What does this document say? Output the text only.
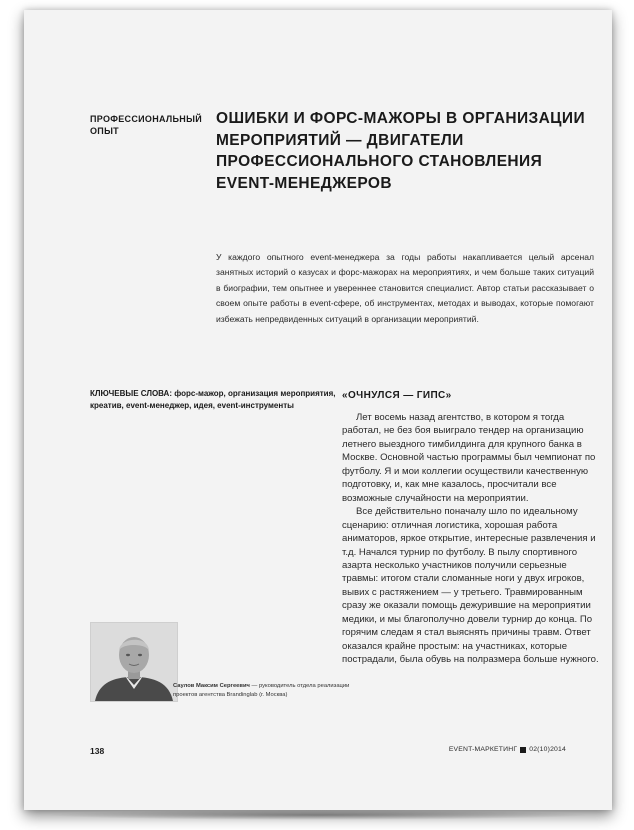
ПРОФЕССИОНАЛЬНЫЙ ОПЫТ
ОШИБКИ И ФОРС-МАЖОРЫ В ОРГАНИЗАЦИИ МЕРОПРИЯТИЙ — ДВИГАТЕЛИ ПРОФЕССИОНАЛЬНОГО СТАНОВЛЕНИЯ EVENT-МЕНЕДЖЕРОВ
У каждого опытного event-менеджера за годы работы накапливается целый арсенал занятных историй о казусах и форс-мажорах на мероприятиях, и чем больше таких ситуаций в биографии, тем опытнее и увереннее становится специалист. Автор статьи рассказывает о своем опыте работы в event-сфере, об инструментах, методах и выводах, которые помогают избежать непредвиденных ситуаций в организации мероприятий.
КЛЮЧЕВЫЕ СЛОВА: форс-мажор, организация мероприятия, креатив, event-менеджер, идея, event-инструменты
«ОЧНУЛСЯ — ГИПС»

Лет восемь назад агентство, в котором я тогда работал, не без боя выиграло тендер на организацию летнего выездного тимбилдинга для крупного банка в Москве. Основной частью программы был чемпионат по футболу. Я и мои коллегии осуществили качественную подготовку, и, как мне казалось, просчитали все возможные случайности на мероприятии.

Все действительно поначалу шло по идеальному сценарию: отличная логистика, хорошая работа аниматоров, яркое открытие, интересные развлечения и т.д. Начался турнир по футболу. В пылу спортивного азарта несколько участников получили серьезные травмы: итогом стали сломанные ноги у двух игроков, вывих с растяжением — у третьего. Травмированным сразу же оказали помощь дежурившие на мероприятии медики, и мы благополучно довели турнир до конца. По горячим следам я стал выяснять причины травм. Ответ оказался крайне простым: на участниках, которые пострадали, была обувь на полразмера больше нужного.

Саулов Максим Сергеевич — руководитель отдела реализации проектов агентства Brandinglab (г. Москва)
138	EVENT-МАРКЕТИНГ 02(10)2014
